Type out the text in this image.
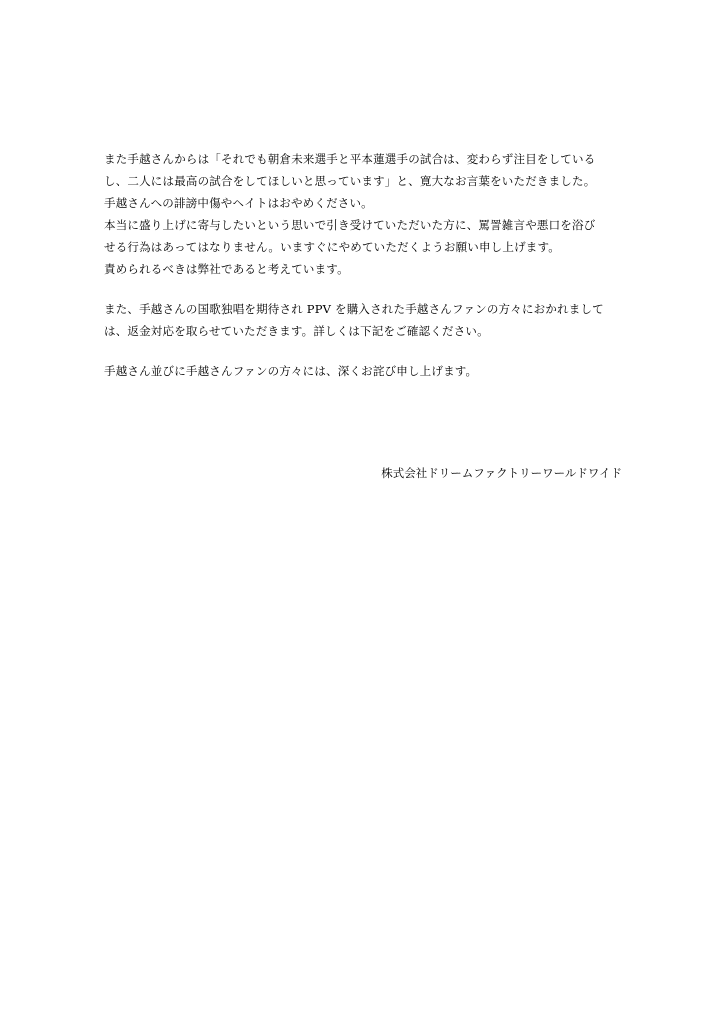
また手越さんからは「それでも朝倉未来選手と平本蓮選手の試合は、変わらず注目をしている
し、二人には最高の試合をしてほしいと思っています」と、寛大なお言葉をいただきました。
手越さんへの誹謗中傷やヘイトはおやめください。
本当に盛り上げに寄与したいという思いで引き受けていただいた方に、罵詈雑言や悪口を浴び
せる行為はあってはなりません。いますぐにやめていただくようお願い申し上げます。
責められるべきは弊社であると考えています。
また、手越さんの国歌独唱を期待され PPV を購入された手越さんファンの方々におかれまして
は、返金対応を取らせていただきます。詳しくは下記をご確認ください。
手越さん並びに手越さんファンの方々には、深くお詫び申し上げます。
株式会社ドリームファクトリーワールドワイド
